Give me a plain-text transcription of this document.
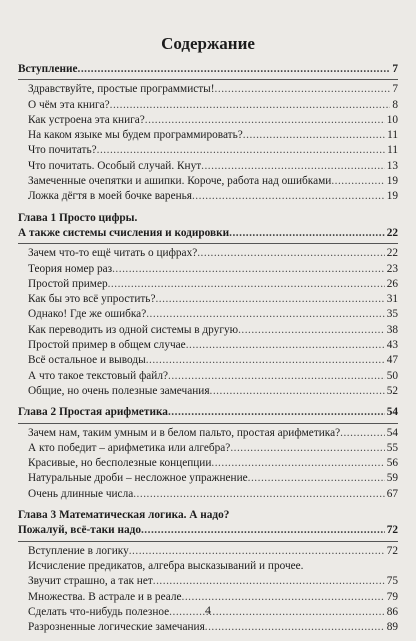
Содержание
Вступление .....	7
Здравствуйте, простые программисты! .....	7
О чём эта книга? .....	8
Как устроена эта книга? .....	10
На каком языке мы будем программировать? .....	11
Что почитать? .....	11
Что почитать. Особый случай. Кнут .....	13
Замеченные очепятки и ашипки. Короче, работа над ошибками .....	19
Ложка дёгтя в моей бочке варенья .....	19
Глава 1 Просто цифры.
А также системы счисления и кодировки .....	22
Зачем что-то ещё читать о цифрах? .....	22
Теория номер раз .....	23
Простой пример .....	26
Как бы это всё упростить? .....	31
Однако! Где же ошибка? .....	35
Как переводить из одной системы в другую .....	38
Простой пример в общем случае .....	43
Всё остальное и выводы .....	47
А что такое текстовый файл? .....	50
Общие, но очень полезные замечания .....	52
Глава 2 Простая арифметика .....	54
Зачем нам, таким умным и в белом пальто, простая арифметика? .....	54
А кто победит – арифметика или алгебра? .....	55
Красивые, но бесполезные концепции .....	56
Натуральные дроби – несложное упражнение .....	59
Очень длинные числа .....	67
Глава 3 Математическая логика. А надо?
Пожалуй, всё-таки надо .....	72
Вступление в логику .....	72
Исчисление предикатов, алгебра высказываний и прочее.
Звучит страшно, а так нет .....	75
Множества. В астрале и в реале .....	79
Сделать что-нибудь полезное .....	86
Разрозненные логические замечания .....	89
4
